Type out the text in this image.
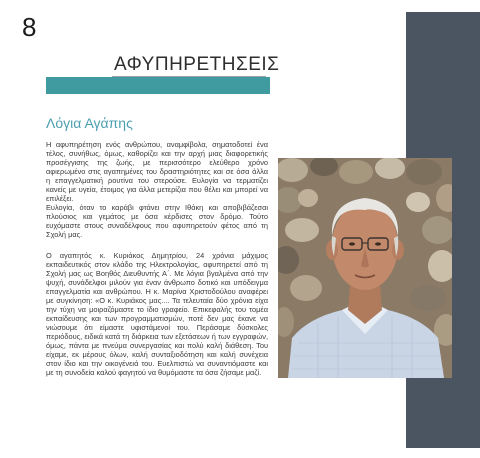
8
ΑΦΥΠΗΡΕΤΗΣΕΙΣ
Λόγια Αγάπης

Η αφυπηρέτηση ενός ανθρώπου, αναμφίβολα, σηματοδοτεί ένα τέλος, συνήθως, όμως, καθορίζει και την αρχή μιας διαφορετικής προσέγγισης της ζωής, με περισσότερο ελεύθερο χρόνο αφιερωμένο στις αγαπημένες του δραστηριότητες και σε όσα άλλα η επαγγελματική ρουτίνα του στερούσε. Ευλογία να τερματίζει κανείς με υγεία, έτοιμος για άλλα μετερίζια που θέλει και μπορεί να επιλέξει.

Ευλογία, όταν το καράβι φτάνει στην Ιθάκη και αποβιβάζεσαι πλούσιος και γεμάτος με όσα κέρδισες στον δρόμο. Τούτο ευχόμαστε στους συναδέλφους που αφυπηρετούν φέτος από τη Σχολή μας.

Ο αγαπητός κ. Κυριάκος Δημητρίου, 24 χρόνια μάχιμος εκπαιδευτικός στον κλάδο της Ηλεκτρολογίας, αφυπηρετεί από τη Σχολή μας ως Βοηθός Διευθυντής Α΄. Με λόγια βγαλμένα από την ψυχή, συνάδελφοι μιλούν για έναν άνθρωπο δοτικό και υπόδειγμα επαγγελματία και ανθρώπου. Η κ. Μαρίνα Χριστοδούλου αναφέρει με συγκίνηση: «Ο κ. Κυριάκος μας.... Τα τελευταία δύο χρόνια είχα την τύχη να μοιραζόμαστε το ίδιο γραφείο. Επικεφαλής του τομέα εκπαίδευσης και των προγραμματισμών, ποτέ δεν μας έκανε να νιώσουμε ότι είμαστε υφιστάμενοί του. Περάσαμε δύσκολες περιόδους, ειδικά κατά τη διάρκεια των εξετάσεων ή των εγγραφών, όμως, πάντα με πνεύμα συνεργασίας και πολύ καλή διάθεση. Του είχαμε, εκ μέρους όλων, καλή συνταξιοδότηση και καλή συνέχεια στον ίδιο και την οικογένειά του. Ευελπιστώ να συναντιόμαστε και με τη συνοδεία καλού φαγητού να θυμόμαστε τα όσα ζήσαμε μαζί.
